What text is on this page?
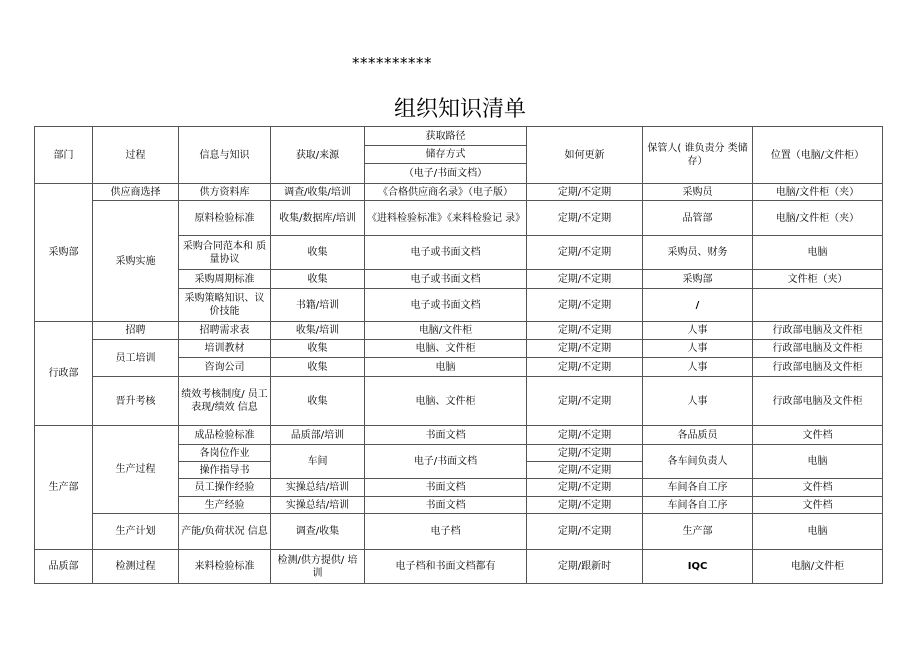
**********
组织知识清单
部门	过程	信息与知识	获取/来源	获取路径	如何更新	保管人( 谁负责分 类储存）	位置（电脑/文件柜）
				储存方式			
				（电子/书面文档）			
采购部	供应商选择	供方资料库	调查/收集/培训	《合格供应商名录》（电子版）	定期/不定期	采购员	电脑/文件柜（夹）
	采购实施	原料检验标准	收集/数据库/培训	《进料检验标准》《来料检验记 录》	定期/不定期	品管部	电脑/文件柜（夹）
		采购合同范本和 质量协议	收集	电子或书面文档	定期/不定期	采购员、财务	电脑
		采购周期标准	收集	电子或书面文档	定期/不定期	采购部	文件柜（夹）
		采购策略知识、议价技能	书籍/培训	电子或书面文档	定期/不定期	/	
行政部	招聘	招聘需求表	收集/培训	电脑/文件柜	定期/不定期	人事	行政部电脑及文件柜
	员工培训	培训教材	收集	电脑、文件柜	定期/不定期	人事	行政部电脑及文件柜
		咨询公司	收集	电脑	定期/不定期	人事	行政部电脑及文件柜
	晋升考核	绩效考核制度/ 员工表现/绩效 信息	收集	电脑、文件柜	定期/不定期	人事	行政部电脑及文件柜
生产部	生产过程	成品检验标准	品质部/培训	书面文档	定期/不定期	各品质员	文件档
		各岗位作业	车间	电子/书面文档	定期/不定期	各车间负责人	电脑
		操作指导书			定期/不定期		
		员工操作经验	实操总结/培训	书面文档	定期/不定期	车间各自工序	文件档
		生产经验	实操总结/培训	书面文档	定期/不定期	车间各自工序	文件档
	生产计划	产能/负荷状况 信息	调查/收集	电子档	定期/不定期	生产部	电脑
品质部	检测过程	来料检验标准	检测/供方提供/ 培训	电子档和书面文档都有	定期/跟新时	IQC	电脑/文件柜
